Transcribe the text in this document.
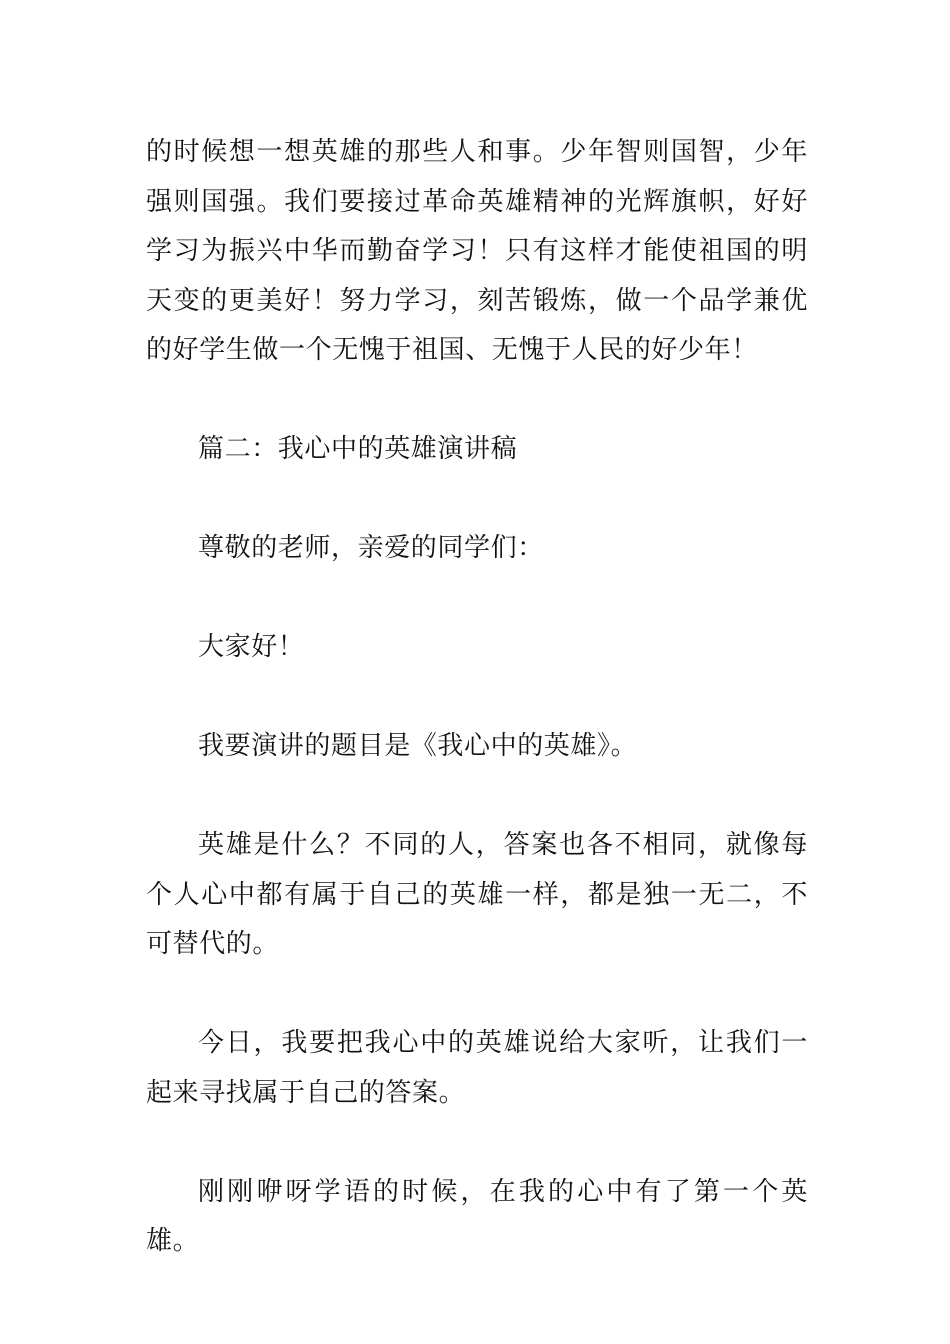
的时候想一想英雄的那些人和事。少年智则国智，少年强则国强。我们要接过革命英雄精神的光辉旗帜，好好学习为振兴中华而勤奋学习！只有这样才能使祖国的明天变的更美好！努力学习，刻苦锻炼，做一个品学兼优的好学生做一个无愧于祖国、无愧于人民的好少年！

篇二：我心中的英雄演讲稿

尊敬的老师，亲爱的同学们：

大家好！

我要演讲的题目是《我心中的英雄》。

英雄是什么？不同的人，答案也各不相同，就像每个人心中都有属于自己的英雄一样，都是独一无二，不可替代的。

今日，我要把我心中的英雄说给大家听，让我们一起来寻找属于自己的答案。

刚刚咿呀学语的时候，在我的心中有了第一个英雄。
